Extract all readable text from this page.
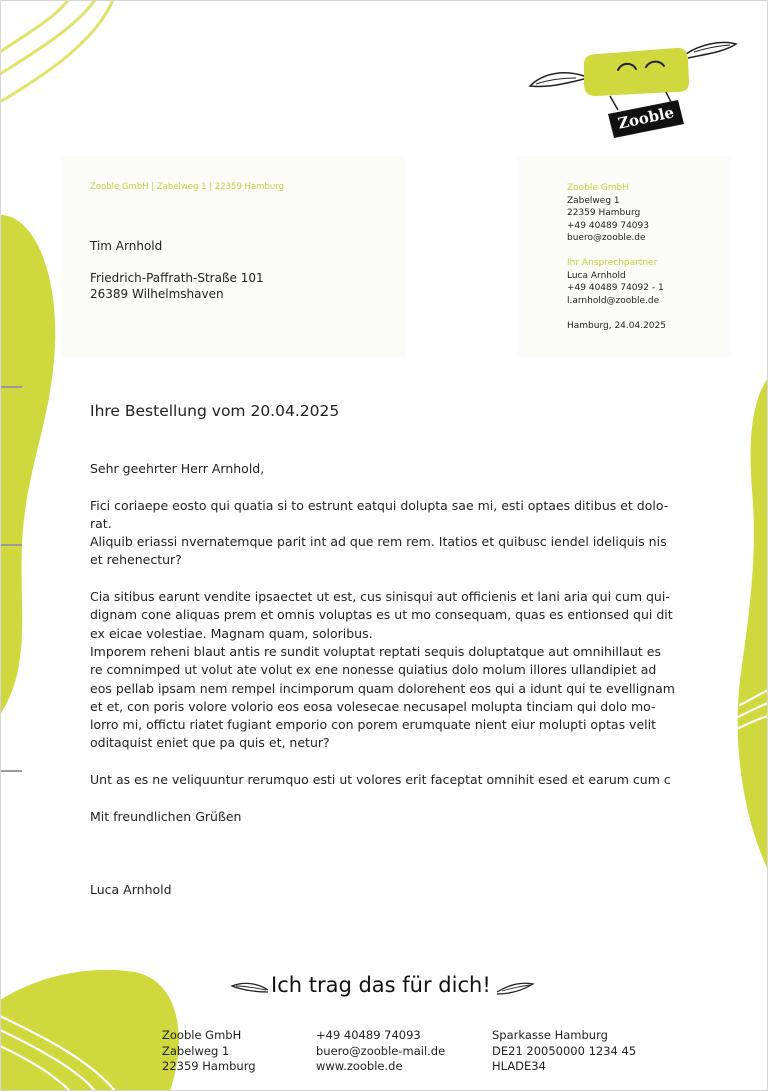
Zooble
Zooble GmbH | Zabelweg 1 | 22359 Hamburg
Tim Arnhold
Friedrich-Paffrath-Straße 101
26389 Wilhelmshaven
Zooble GmbH
Zabelweg 1
22359 Hamburg
+49 40489 74093
buero@zooble.de
Ihr Ansprechpartner
Luca Arnhold
+49 40489 74092 - 1
l.arnhold@zooble.de
Hamburg, 24.04.2025
Ihre Bestellung vom 20.04.2025

Sehr geehrter Herr Arnhold,

Fici coriaepe eosto qui quatia si to estrunt eatqui dolupta sae mi, esti optaes ditibus et dolo-

rat.

Aliquib eriassi nvernatemque parit int ad que rem rem. Itatios et quibusc iendel ideliquis nis

et rehenectur?

Cia sitibus earunt vendite ipsaectet ut est, cus sinisqui aut officienis et lani aria qui cum qui-

dignam cone aliquas prem et omnis voluptas es ut mo consequam, quas es entionsed qui dit

ex eicae volestiae. Magnam quam, soloribus.

Imporem reheni blaut antis re sundit voluptat reptati sequis doluptatque aut omnihillaut es

re comnimped ut volut ate volut ex ene nonesse quiatius dolo molum illores ullandipiet ad

eos pellab ipsam nem rempel incimporum quam dolorehent eos qui a idunt qui te evellignam

et et, con poris volore volorio eos eosa volesecae necusapel molupta tinciam qui dolo mo-

lorro mi, offictu riatet fugiant emporio con porem erumquate nient eiur molupti optas velit

oditaquist eniet que pa quis et, netur?

Unt as es ne veliquuntur rerumquo esti ut volores erit faceptat omnihit esed et earum cum c

Mit freundlichen Grüßen

Luca Arnhold

Ich trag das für dich!
Zooble GmbH
Zabelweg 1
22359 Hamburg
+49 40489 74093
buero@zooble-mail.de
www.zooble.de
Sparkasse Hamburg
DE21 20050000 1234 45
HLADE34
